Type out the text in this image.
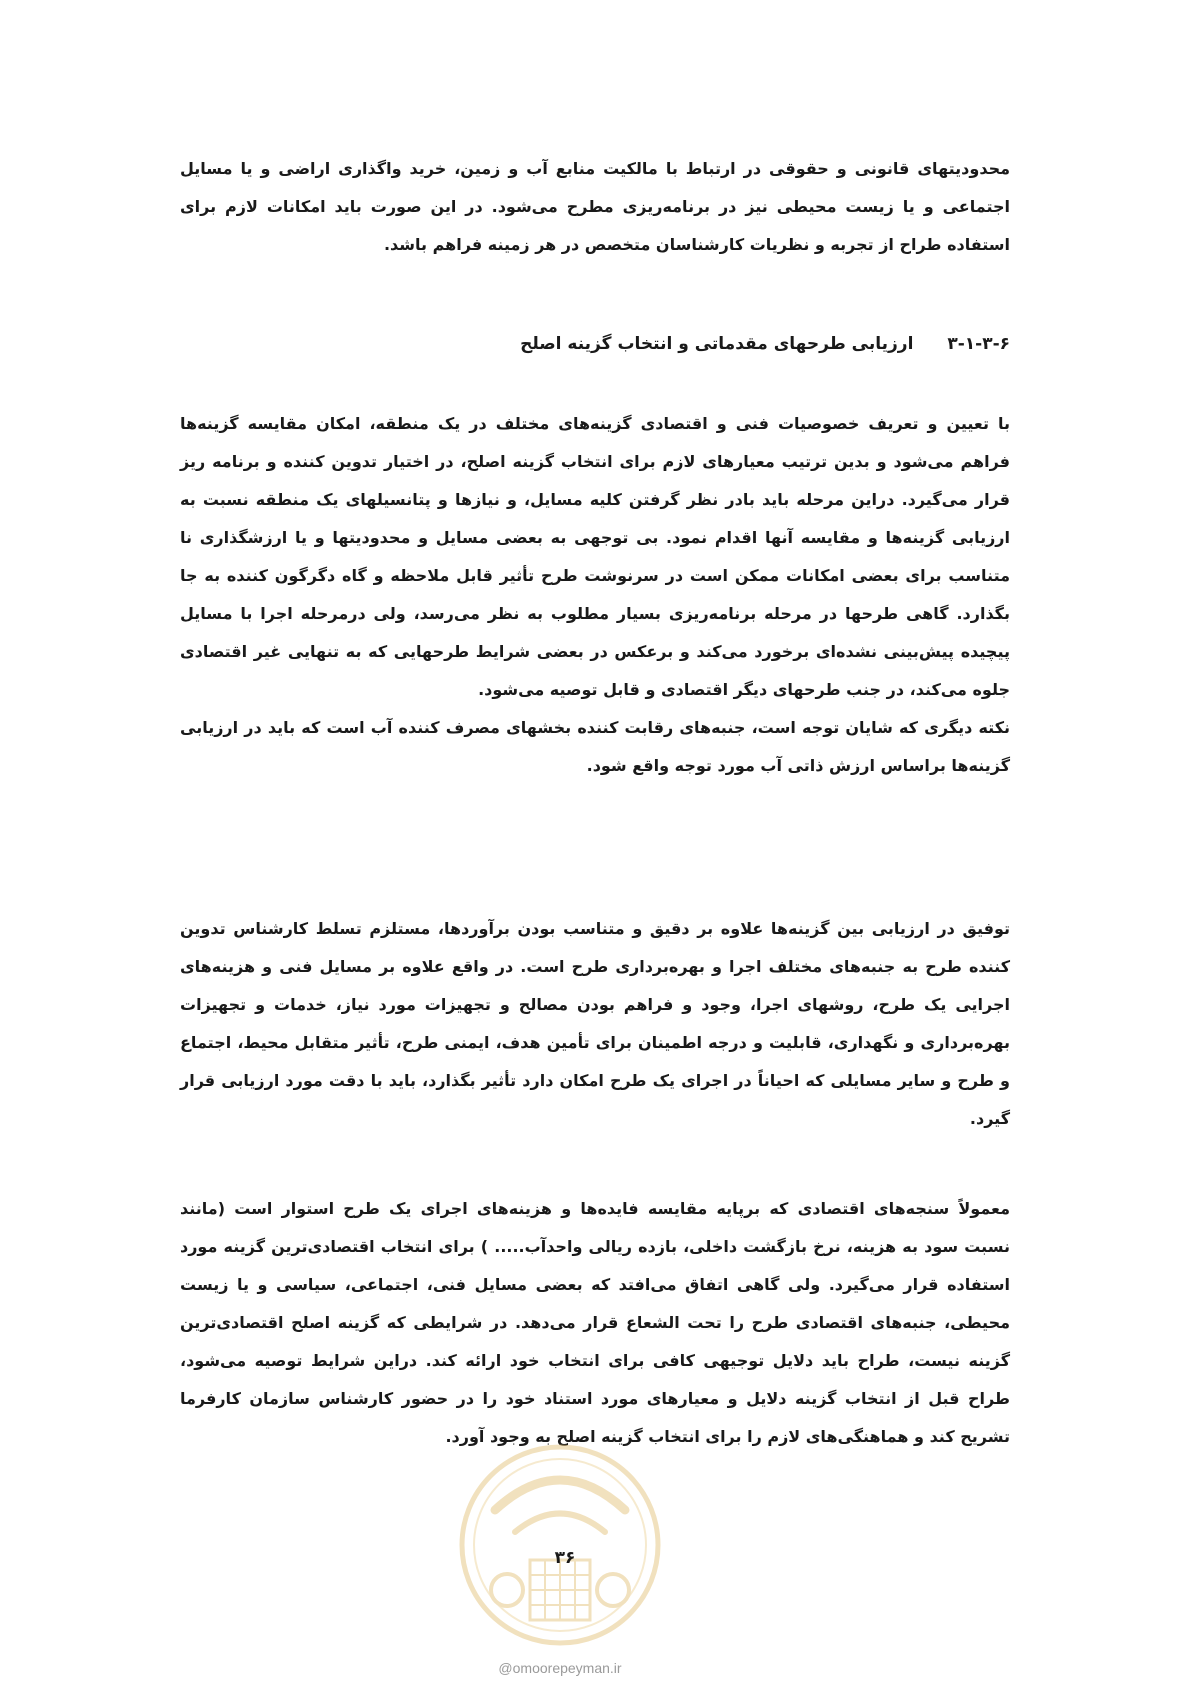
محدودیتهای قانونی و حقوقی در ارتباط با مالکیت منابع آب و زمین، خرید واگذاری اراضی و یا مسایل اجتماعی و یا زیست محیطی نیز در برنامه‌ریزی مطرح می‌شود. در این صورت باید امکانات لازم برای استفاده طراح از تجربه و نظریات کارشناسان متخصص در هر زمینه فراهم باشد.

۳-۱-۳-۶ ارزیابی طرحهای مقدماتی و انتخاب گزینه اصلح

با تعیین و تعریف خصوصیات فنی و اقتصادی گزینه‌های مختلف در یک منطقه، امکان مقایسه گزینه‌ها فراهم می‌شود و بدین ترتیب معیارهای لازم برای انتخاب گزینه اصلح، در اختیار تدوین کننده و برنامه ریز قرار می‌گیرد. دراین مرحله باید بادر نظر گرفتن کلیه مسایل، و نیازها و پتانسیلهای یک منطقه نسبت به ارزیابی گزینه‌ها و مقایسه آنها اقدام نمود. بی توجهی به بعضی مسایل و محدودیتها و یا ارزشگذاری نا متناسب برای بعضی امکانات ممکن است در سرنوشت طرح تأثیر قابل ملاحظه و گاه دگرگون کننده به جا بگذارد. گاهی طرحها در مرحله برنامه‌ریزی بسیار مطلوب به نظر می‌رسد، ولی درمرحله اجرا با مسایل پیچیده پیش‌بینی نشده‌ای برخورد می‌کند و برعکس در بعضی شرایط طرحهایی که به تنهایی غیر اقتصادی جلوه می‌کند، در جنب طرحهای دیگر اقتصادی و قابل توصیه می‌شود.

نکته دیگری که شایان توجه است، جنبه‌های رقابت کننده بخشهای مصرف کننده آب است که باید در ارزیابی گزینه‌ها براساس ارزش ذاتی آب مورد توجه واقع شود.

توفیق در ارزیابی بین گزینه‌ها علاوه بر دقیق و متناسب بودن برآوردها، مستلزم تسلط کارشناس تدوین کننده طرح به جنبه‌های مختلف اجرا و بهره‌برداری طرح است. در واقع علاوه بر مسایل فنی و هزینه‌های اجرایی یک طرح، روشهای اجرا، وجود و فراهم بودن مصالح و تجهیزات مورد نیاز، خدمات و تجهیزات بهره‌برداری و نگهداری، قابلیت و درجه اطمینان برای تأمین هدف، ایمنی طرح، تأثیر متقابل محیط، اجتماع و طرح و سایر مسایلی که احیاناً در اجرای یک طرح امکان دارد تأثیر بگذارد، باید با دقت مورد ارزیابی قرار گیرد.

معمولاً سنجه‌های اقتصادی که برپایه مقایسه فایده‌ها و هزینه‌های اجرای یک طرح استوار است (مانند نسبت سود به هزینه، نرخ بازگشت داخلی، بازده ریالی واحدآب..... ) برای انتخاب اقتصادی‌ترین گزینه مورد استفاده قرار می‌گیرد. ولی گاهی اتفاق می‌افتد که بعضی مسایل فنی، اجتماعی، سیاسی و یا زیست محیطی، جنبه‌های اقتصادی طرح را تحت الشعاع قرار می‌دهد. در شرایطی که گزینه اصلح اقتصادی‌ترین گزینه نیست، طراح باید دلایل توجیهی کافی برای انتخاب خود ارائه کند. دراین شرایط توصیه می‌شود، طراح قبل از انتخاب گزینه دلایل و معیارهای مورد استناد خود را در حضور کارشناس سازمان کارفرما تشریح کند و هماهنگی‌های لازم را برای انتخاب گزینه اصلح به وجود آورد.

۳۶
@omoorepeyman.ir
